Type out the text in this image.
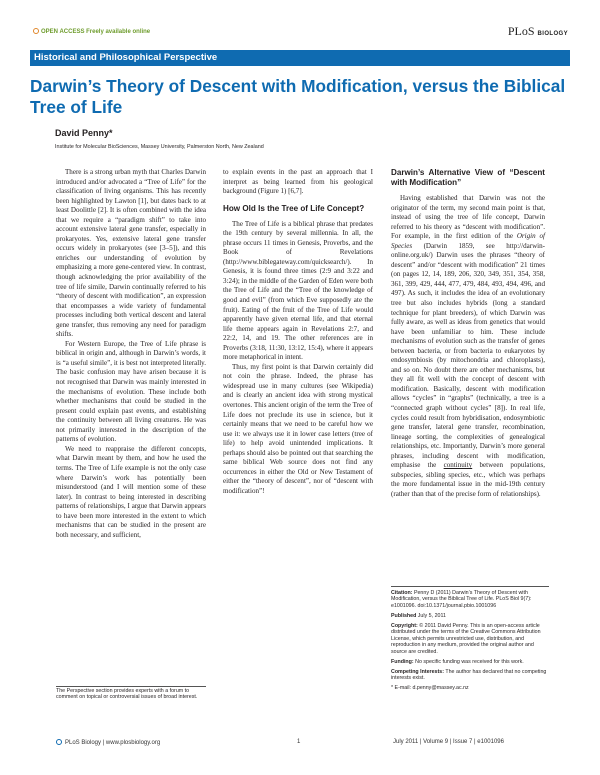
OPEN ACCESS Freely available online	PLoS BIOLOGY
Historical and Philosophical Perspective
Darwin’s Theory of Descent with Modification, versus the Biblical Tree of Life
David Penny*
Institute for Molecular BioSciences, Massey University, Palmerston North, New Zealand

There is a strong urban myth that Charles Darwin introduced and/or advocated a “Tree of Life” for the classification of living organisms. This has recently been highlighted by Lawton [1], but dates back to at least Doolittle [2]. It is often combined with the idea that we require a “paradigm shift” to take into account extensive lateral gene transfer, especially in prokaryotes. Yes, extensive lateral gene transfer occurs widely in prokaryotes (see [3–5]), and this enriches our understanding of evolution by emphasizing a more gene-centered view. In contrast, though acknowledging the prior availability of the tree of life simile, Darwin continually referred to his “theory of descent with modification”, an expression that encompasses a wide variety of fundamental processes including both vertical descent and lateral gene transfer, thus removing any need for paradigm shifts.

For Western Europe, the Tree of Life phrase is biblical in origin and, although in Darwin’s words, it is “a useful simile”, it is best not interpreted literally. The basic confusion may have arisen because it is not recognised that Darwin was mainly interested in the mechanisms of evolution. These include both whether mechanisms that could be studied in the present could explain past events, and establishing the continuity between all living creatures. He was not primarily interested in the description of the patterns of evolution.

We need to reappraise the different concepts, what Darwin meant by them, and how he used the terms. The Tree of Life example is not the only case where Darwin’s work has potentially been misunderstood (and I will mention some of these later). In contrast to being interested in describing patterns of relationships, I argue that Darwin appears to have been more interested in the extent to which mechanisms that can be studied in the present are both necessary, and sufficient,

The Perspective section provides experts with a forum to comment on topical or controversial issues of broad interest.

to explain events in the past an approach that I interpret as being learned from his geological background (Figure 1) [6,7].

How Old Is the Tree of Life Concept?

The Tree of Life is a biblical phrase that predates the 19th century by several millennia. In all, the phrase occurs 11 times in Genesis, Proverbs, and the Book of Revelations (http://www.biblegateway.com/quicksearch/). In Genesis, it is found three times (2:9 and 3:22 and 3:24); in the middle of the Garden of Eden were both the Tree of Life and the “Tree of the knowledge of good and evil” (from which Eve supposedly ate the fruit). Eating of the fruit of the Tree of Life would apparently have given eternal life, and that eternal life theme appears again in Revelations 2:7, and 22:2, 14, and 19. The other references are in Proverbs (3:18, 11:30, 13:12, 15:4), where it appears more metaphorical in intent.

Thus, my first point is that Darwin certainly did not coin the phrase. Indeed, the phrase has widespread use in many cultures (see Wikipedia) and is clearly an ancient idea with strong mystical overtones. This ancient origin of the term the Tree of Life does not preclude its use in science, but it certainly means that we need to be careful how we use it: we always use it in lower case letters (tree of life) to help avoid unintended implications. It perhaps should also be pointed out that searching the same biblical Web source does not find any occurrences in either the Old or New Testament of either the “theory of descent”, nor of “descent with modification”!

Darwin’s Alternative View of “Descent with Modification”

Having established that Darwin was not the originator of the term, my second main point is that, instead of using the tree of life concept, Darwin referred to his theory as “descent with modification”. For example, in the first edition of the Origin of Species (Darwin 1859, see http://darwin-online.org.uk/) Darwin uses the phrases “theory of descent” and/or “descent with modification” 21 times (on pages 12, 14, 189, 206, 320, 349, 351, 354, 358, 361, 399, 429, 444, 477, 479, 484, 493, 494, 496, and 497). As such, it includes the idea of an evolutionary tree but also includes hybrids (long a standard technique for plant breeders), of which Darwin was fully aware, as well as ideas from genetics that would have been unfamiliar to him. These include mechanisms of evolution such as the transfer of genes between bacteria, or from bacteria to eukaryotes by endosymbiosis (by mitochondria and chloroplasts), and so on. No doubt there are other mechanisms, but they all fit well with the concept of descent with modification. Basically, descent with modification allows “cycles” in “graphs” (technically, a tree is a “connected graph without cycles” [8]). In real life, cycles could result from hybridisation, endosymbiotic gene transfer, lateral gene transfer, recombination, lineage sorting, the complexities of genealogical relationships, etc. Importantly, Darwin’s more general phrases, including descent with modification, emphasise the continuity between populations, subspecies, sibling species, etc., which was perhaps the more fundamental issue in the mid-19th century (rather than that of the precise form of relationships).

Citation: Penny D (2011) Darwin’s Theory of Descent with Modification, versus the Biblical Tree of Life. PLoS Biol 9(7): e1001096. doi:10.1371/journal.pbio.1001096

Published July 5, 2011

Copyright: © 2011 David Penny. This is an open-access article distributed under the terms of the Creative Commons Attribution License, which permits unrestricted use, distribution, and reproduction in any medium, provided the original author and source are credited.

Funding: No specific funding was received for this work.

Competing Interests: The author has declared that no competing interests exist.

* E-mail: d.penny@massey.ac.nz

PLoS Biology | www.plosbiology.org	1	July 2011 | Volume 9 | Issue 7 | e1001096
